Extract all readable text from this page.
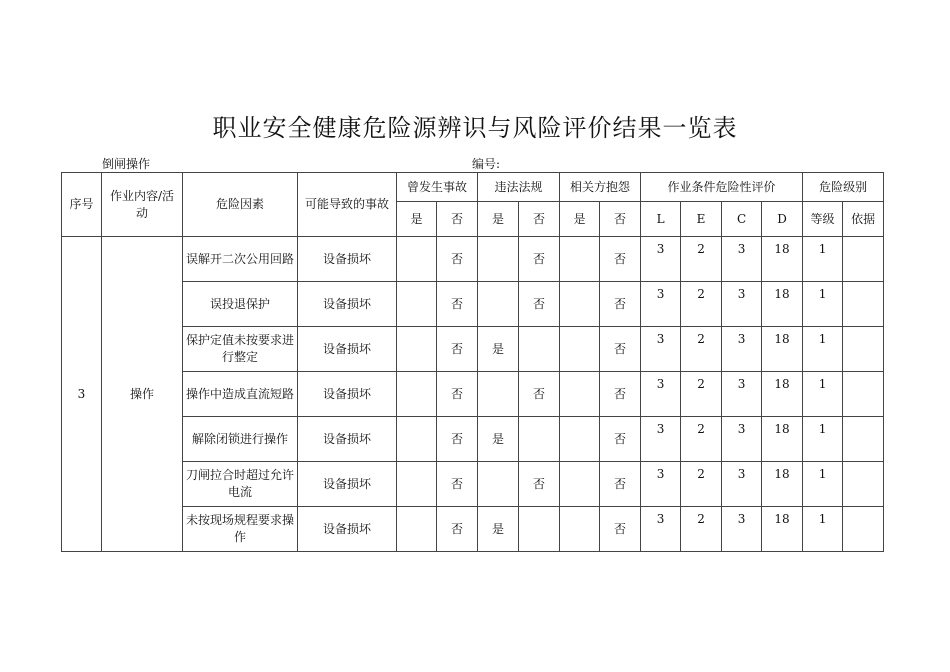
职业安全健康危险源辨识与风险评价结果一览表
倒闸操作	编号:
序号	作业内容/活动	危险因素	可能导致的事故	曾发生事故		违法法规		相关方抱怨		作业条件危险性评价				危险级别	
				是	否	是	否	是	否	L	E	C	D	等级	依据
3	操作	误解开二次公用回路	设备损坏		否		否		否	3	2	3	18	1	
		误投退保护	设备损坏		否		否		否	3	2	3	18	1	
		保护定值未按要求进行整定	设备损坏		否	是			否	3	2	3	18	1	
		操作中造成直流短路	设备损坏		否		否		否	3	2	3	18	1	
		解除闭锁进行操作	设备损坏		否	是			否	3	2	3	18	1	
		刀闸拉合时超过允许电流	设备损坏		否		否		否	3	2	3	18	1	
		未按现场规程要求操作	设备损坏		否	是			否	3	2	3	18	1	
